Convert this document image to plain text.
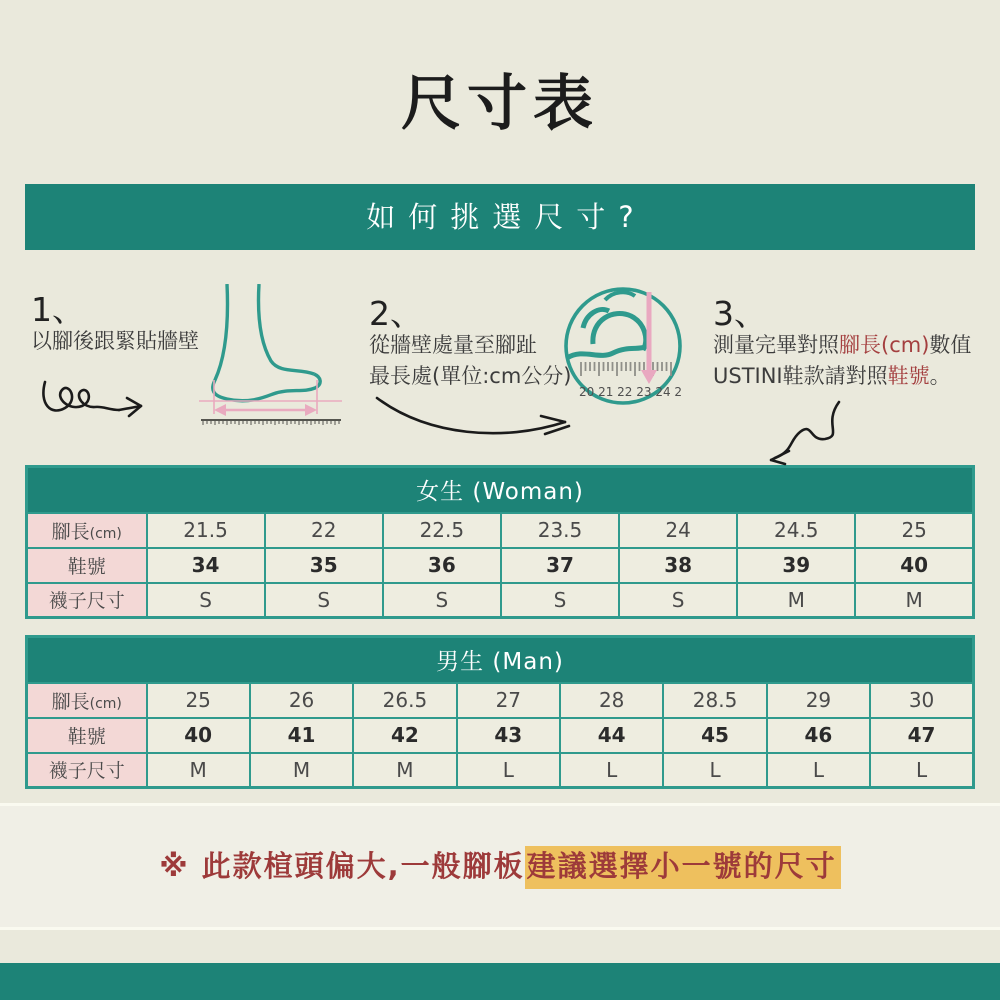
尺寸表
如何挑選尺寸?
1、
以腳後跟緊貼牆壁
2、
從牆壁處量至腳趾
最長處(單位:cm公分)
20 21 22 23 24 2
3、
測量完畢對照腳長(cm)數值
USTINI鞋款請對照鞋號。
女生 (Woman)							
腳長(cm)	21.5	22	22.5	23.5	24	24.5	25
鞋號	34	35	36	37	38	39	40
襪子尺寸	S	S	S	S	S	M	M
男生 (Man)								
腳長(cm)	25	26	26.5	27	28	28.5	29	30
鞋號	40	41	42	43	44	45	46	47
襪子尺寸	M	M	M	L	L	L	L	L
※ 此款楦頭偏大,一般腳板建議選擇小一號的尺寸
